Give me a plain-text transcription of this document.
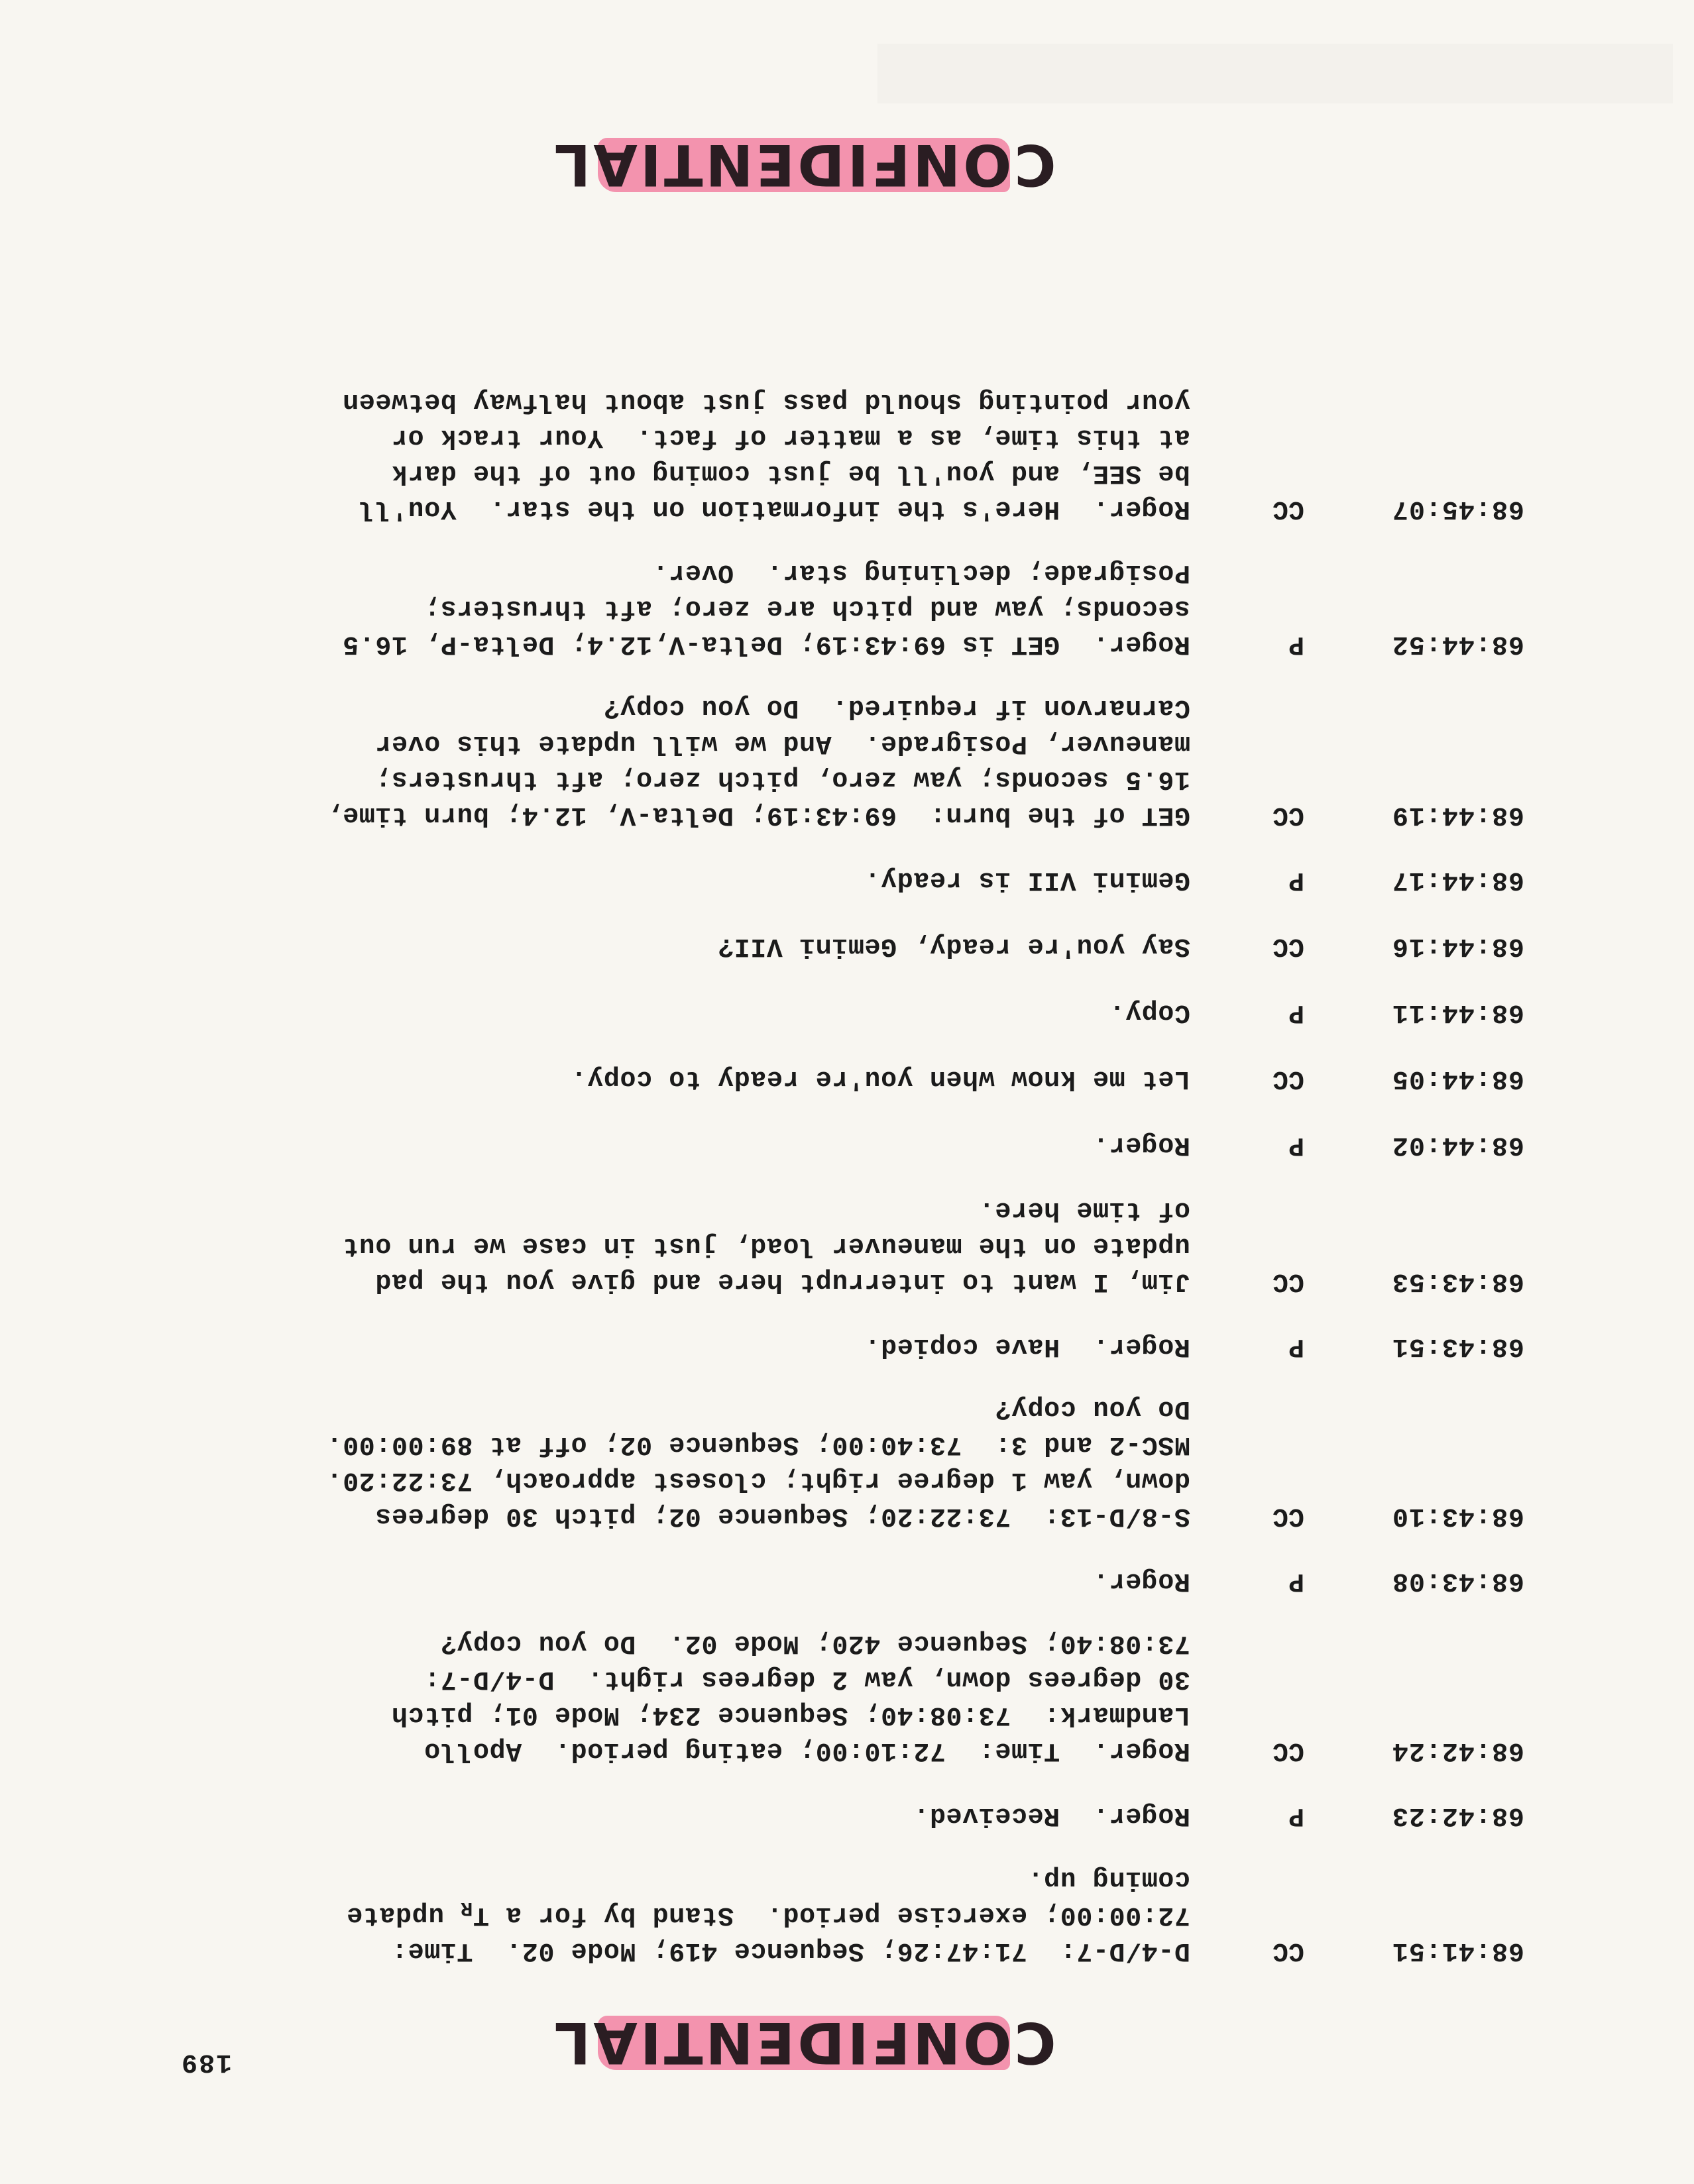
189	CONFIDENTIAL
68:41:51
CC
D-4/D-7:  71:47:26; Sequence 419; Mode 02.  Time:
72:00:00; exercise period.  Stand by for a $T_R$ update
coming up.
68:42:23
P
Roger.  Received.
68:42:24
CC
Roger.  Time:  72:10:00; eating period.  Apollo
Landmark:  73:08:40; Sequence 234; Mode 01; pitch
30 degrees down, yaw 2 degrees right.  D-4/D-7:
73:08:40; Sequence 420; Mode 02.  Do you copy?
68:43:08
P
Roger.
68:43:10
CC
S-8/D-13:  73:22:20; Sequence 02; pitch 30 degrees
down, yaw 1 degree right; closest approach, 73:22:20.
MSC-2 and 3:  73:40:00; Sequence 02; off at 89:00:00.
Do you copy?
68:43:51
P
Roger.  Have copied.
68:43:53
CC
Jim, I want to interrupt here and give you the pad
update on the maneuver load, just in case we run out
of time here.
68:44:02
P
Roger.
68:44:05
CC
Let me know when you're ready to copy.
68:44:11
P
Copy.
68:44:16
CC
Say you're ready, Gemini VII?
68:44:17
P
Gemini VII is ready.
68:44:19
CC
GET of the burn:  69:43:19; Delta-V, 12.4; burn time,
16.5 seconds; yaw zero, pitch zero; aft thrusters;
maneuver, Posigrade.  And we will update this over
Carnarvon if required.  Do you copy?
68:44:52
P
Roger.  GET is 69:43:19; Delta-V,12.4; Delta-P, 16.5
seconds; yaw and pitch are zero; aft thrusters;
Posigrade; declining star.  Over.
68:45:07
CC
Roger.  Here's the information on the star.  You'll
be SEE, and you'll be just coming out of the dark
at this time, as a matter of fact.  Your track or
your pointing should pass just about halfway between
CONFIDENTIAL
